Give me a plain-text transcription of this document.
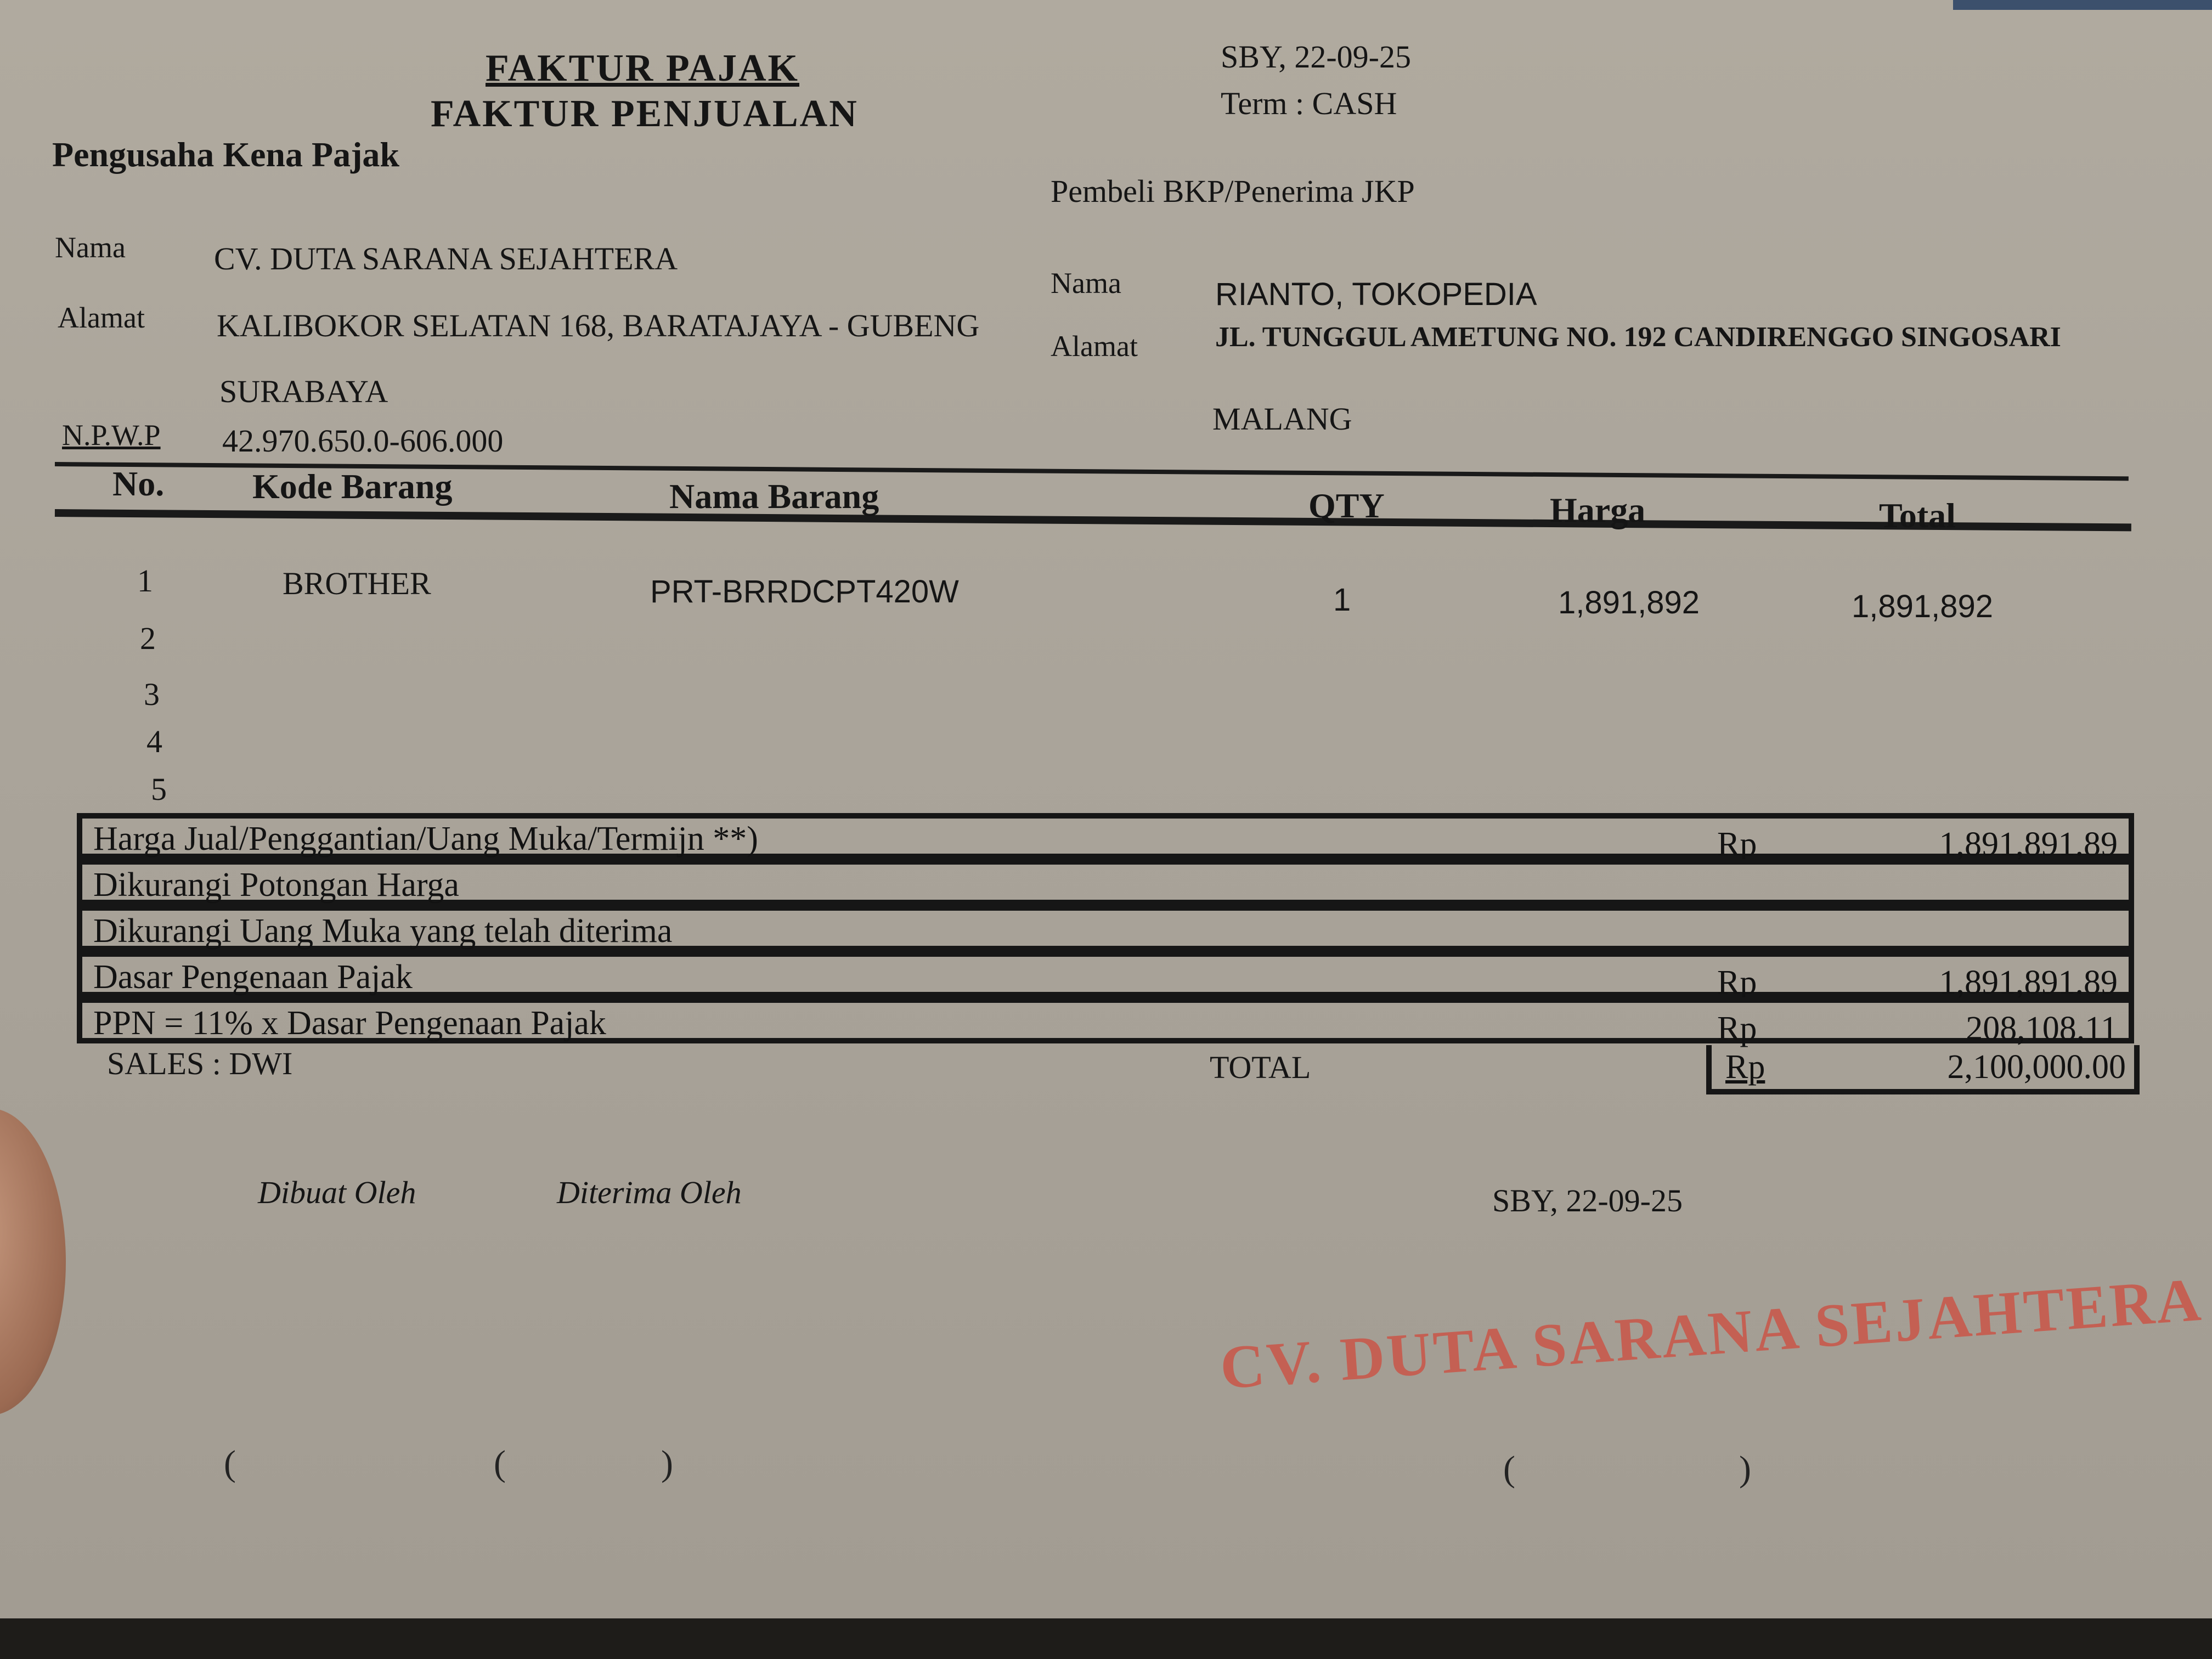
FAKTUR PAJAK
FAKTUR PENJUALAN
SBY, 22-09-25
Term : CASH
Pengusaha Kena Pajak
Nama	CV. DUTA SARANA SEJAHTERA
Alamat KALIBOKOR SELATAN 168, BARATAJAYA - GUBENG
SURABAYA
N.P.W.P 42.970.650.0-606.000
Pembeli BKP/Penerima JKP
Nama	RIANTO, TOKOPEDIA
Alamat	JL. TUNGGUL AMETUNG NO. 192 CANDIRENGGO SINGOSARI
MALANG
No.	Kode Barang	Nama Barang	QTY	Harga	Total
1	BROTHER	PRT-BRRDCPT420W	1	1,891,892	1,891,892
2
3
4
5
Harga Jual/Penggantian/Uang Muka/Termijn **)	Rp	1,891,891.89
Dikurangi Potongan Harga
Dikurangi Uang Muka yang telah diterima
Dasar Pengenaan Pajak	Rp	1,891,891.89
PPN = 11% x Dasar Pengenaan Pajak	Rp	208,108.11
SALES : DWI	TOTAL	Rp	2,100,000.00
Dibuat Oleh	Diterima Oleh	SBY, 22-09-25
CV. DUTA SARANA SEJAHTERA
(	(	)	(	)
